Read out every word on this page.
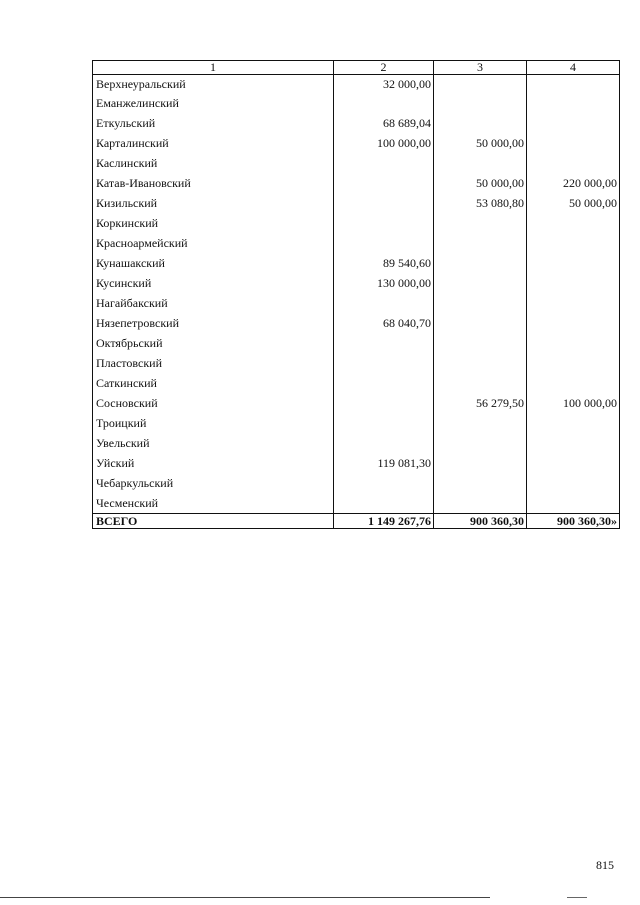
1	2	3	4
Верхнеуральский	32 000,00		
Еманжелинский			
Еткульский	68 689,04		
Карталинский	100 000,00	50 000,00	
Каслинский			
Катав-Ивановский		50 000,00	220 000,00
Кизильский		53 080,80	50 000,00
Коркинский			
Красноармейский			
Кунашакский	89 540,60		
Кусинский	130 000,00		
Нагайбакский			
Нязепетровский	68 040,70		
Октябрьский			
Пластовский			
Саткинский			
Сосновский		56 279,50	100 000,00
Троицкий			
Увельский			
Уйский	119 081,30		
Чебаркульский			
Чесменский			
ВСЕГО	1 149 267,76	900 360,30	900 360,30»
815
